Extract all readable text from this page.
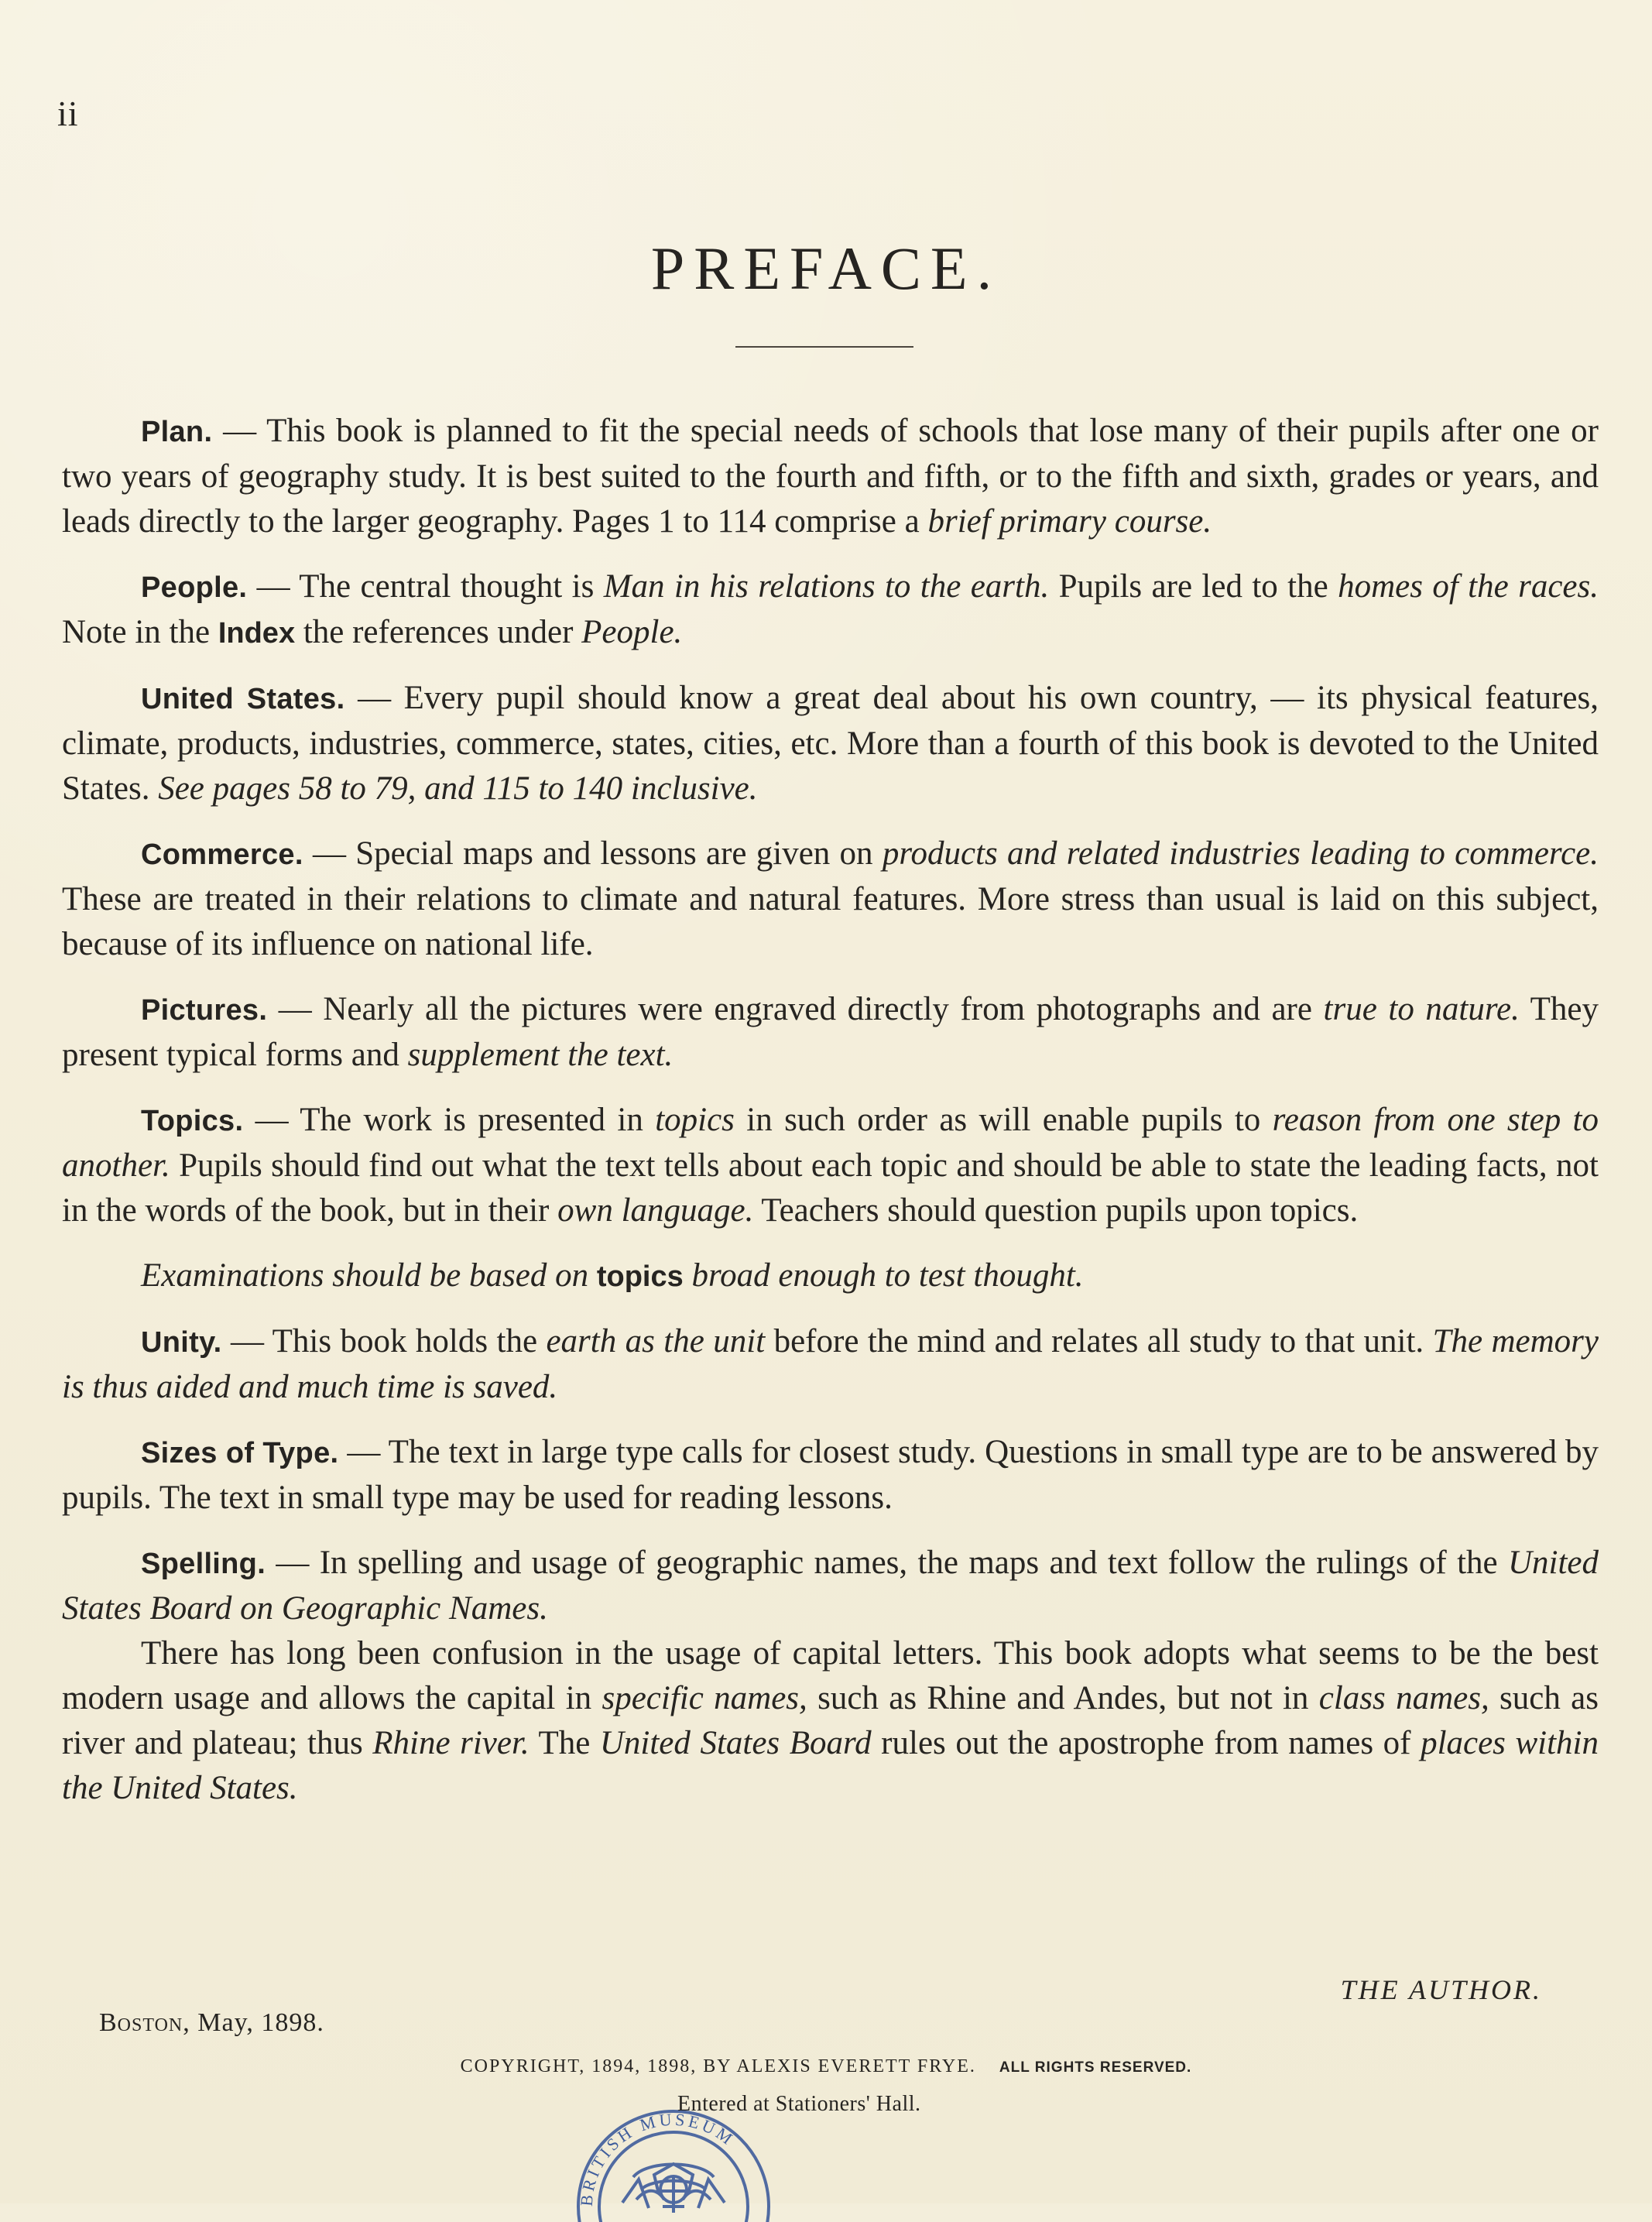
ii
PREFACE.

Plan. — This book is planned to fit the special needs of schools that lose many of their pupils after one or two years of geography study. It is best suited to the fourth and fifth, or to the fifth and sixth, grades or years, and leads directly to the larger geography. Pages 1 to 114 comprise a brief primary course.

People. — The central thought is Man in his relations to the earth. Pupils are led to the homes of the races. Note in the Index the references under People.

United States. — Every pupil should know a great deal about his own country, — its physical features, climate, products, industries, commerce, states, cities, etc. More than a fourth of this book is devoted to the United States. See pages 58 to 79, and 115 to 140 inclusive.

Commerce. — Special maps and lessons are given on products and related industries leading to commerce. These are treated in their relations to climate and natural features. More stress than usual is laid on this subject, because of its influence on national life.

Pictures. — Nearly all the pictures were engraved directly from photographs and are true to nature. They present typical forms and supplement the text.

Topics. — The work is presented in topics in such order as will enable pupils to reason from one step to another. Pupils should find out what the text tells about each topic and should be able to state the leading facts, not in the words of the book, but in their own language. Teachers should question pupils upon topics.

Examinations should be based on topics broad enough to test thought.

Unity. — This book holds the earth as the unit before the mind and relates all study to that unit. The memory is thus aided and much time is saved.

Sizes of Type. — The text in large type calls for closest study. Questions in small type are to be answered by pupils. The text in small type may be used for reading lessons.

Spelling. — In spelling and usage of geographic names, the maps and text follow the rulings of the United States Board on Geographic Names.

There has long been confusion in the usage of capital letters. This book adopts what seems to be the best modern usage and allows the capital in specific names, such as Rhine and Andes, but not in class names, such as river and plateau; thus Rhine river. The United States Board rules out the apostrophe from names of places within the United States.

THE AUTHOR.
Boston, May, 1898.
COPYRIGHT, 1894, 1898, BY ALEXIS EVERETT FRYE. ALL RIGHTS RESERVED.
BRITISH MUSEUM
Entered at Stationers' Hall.
